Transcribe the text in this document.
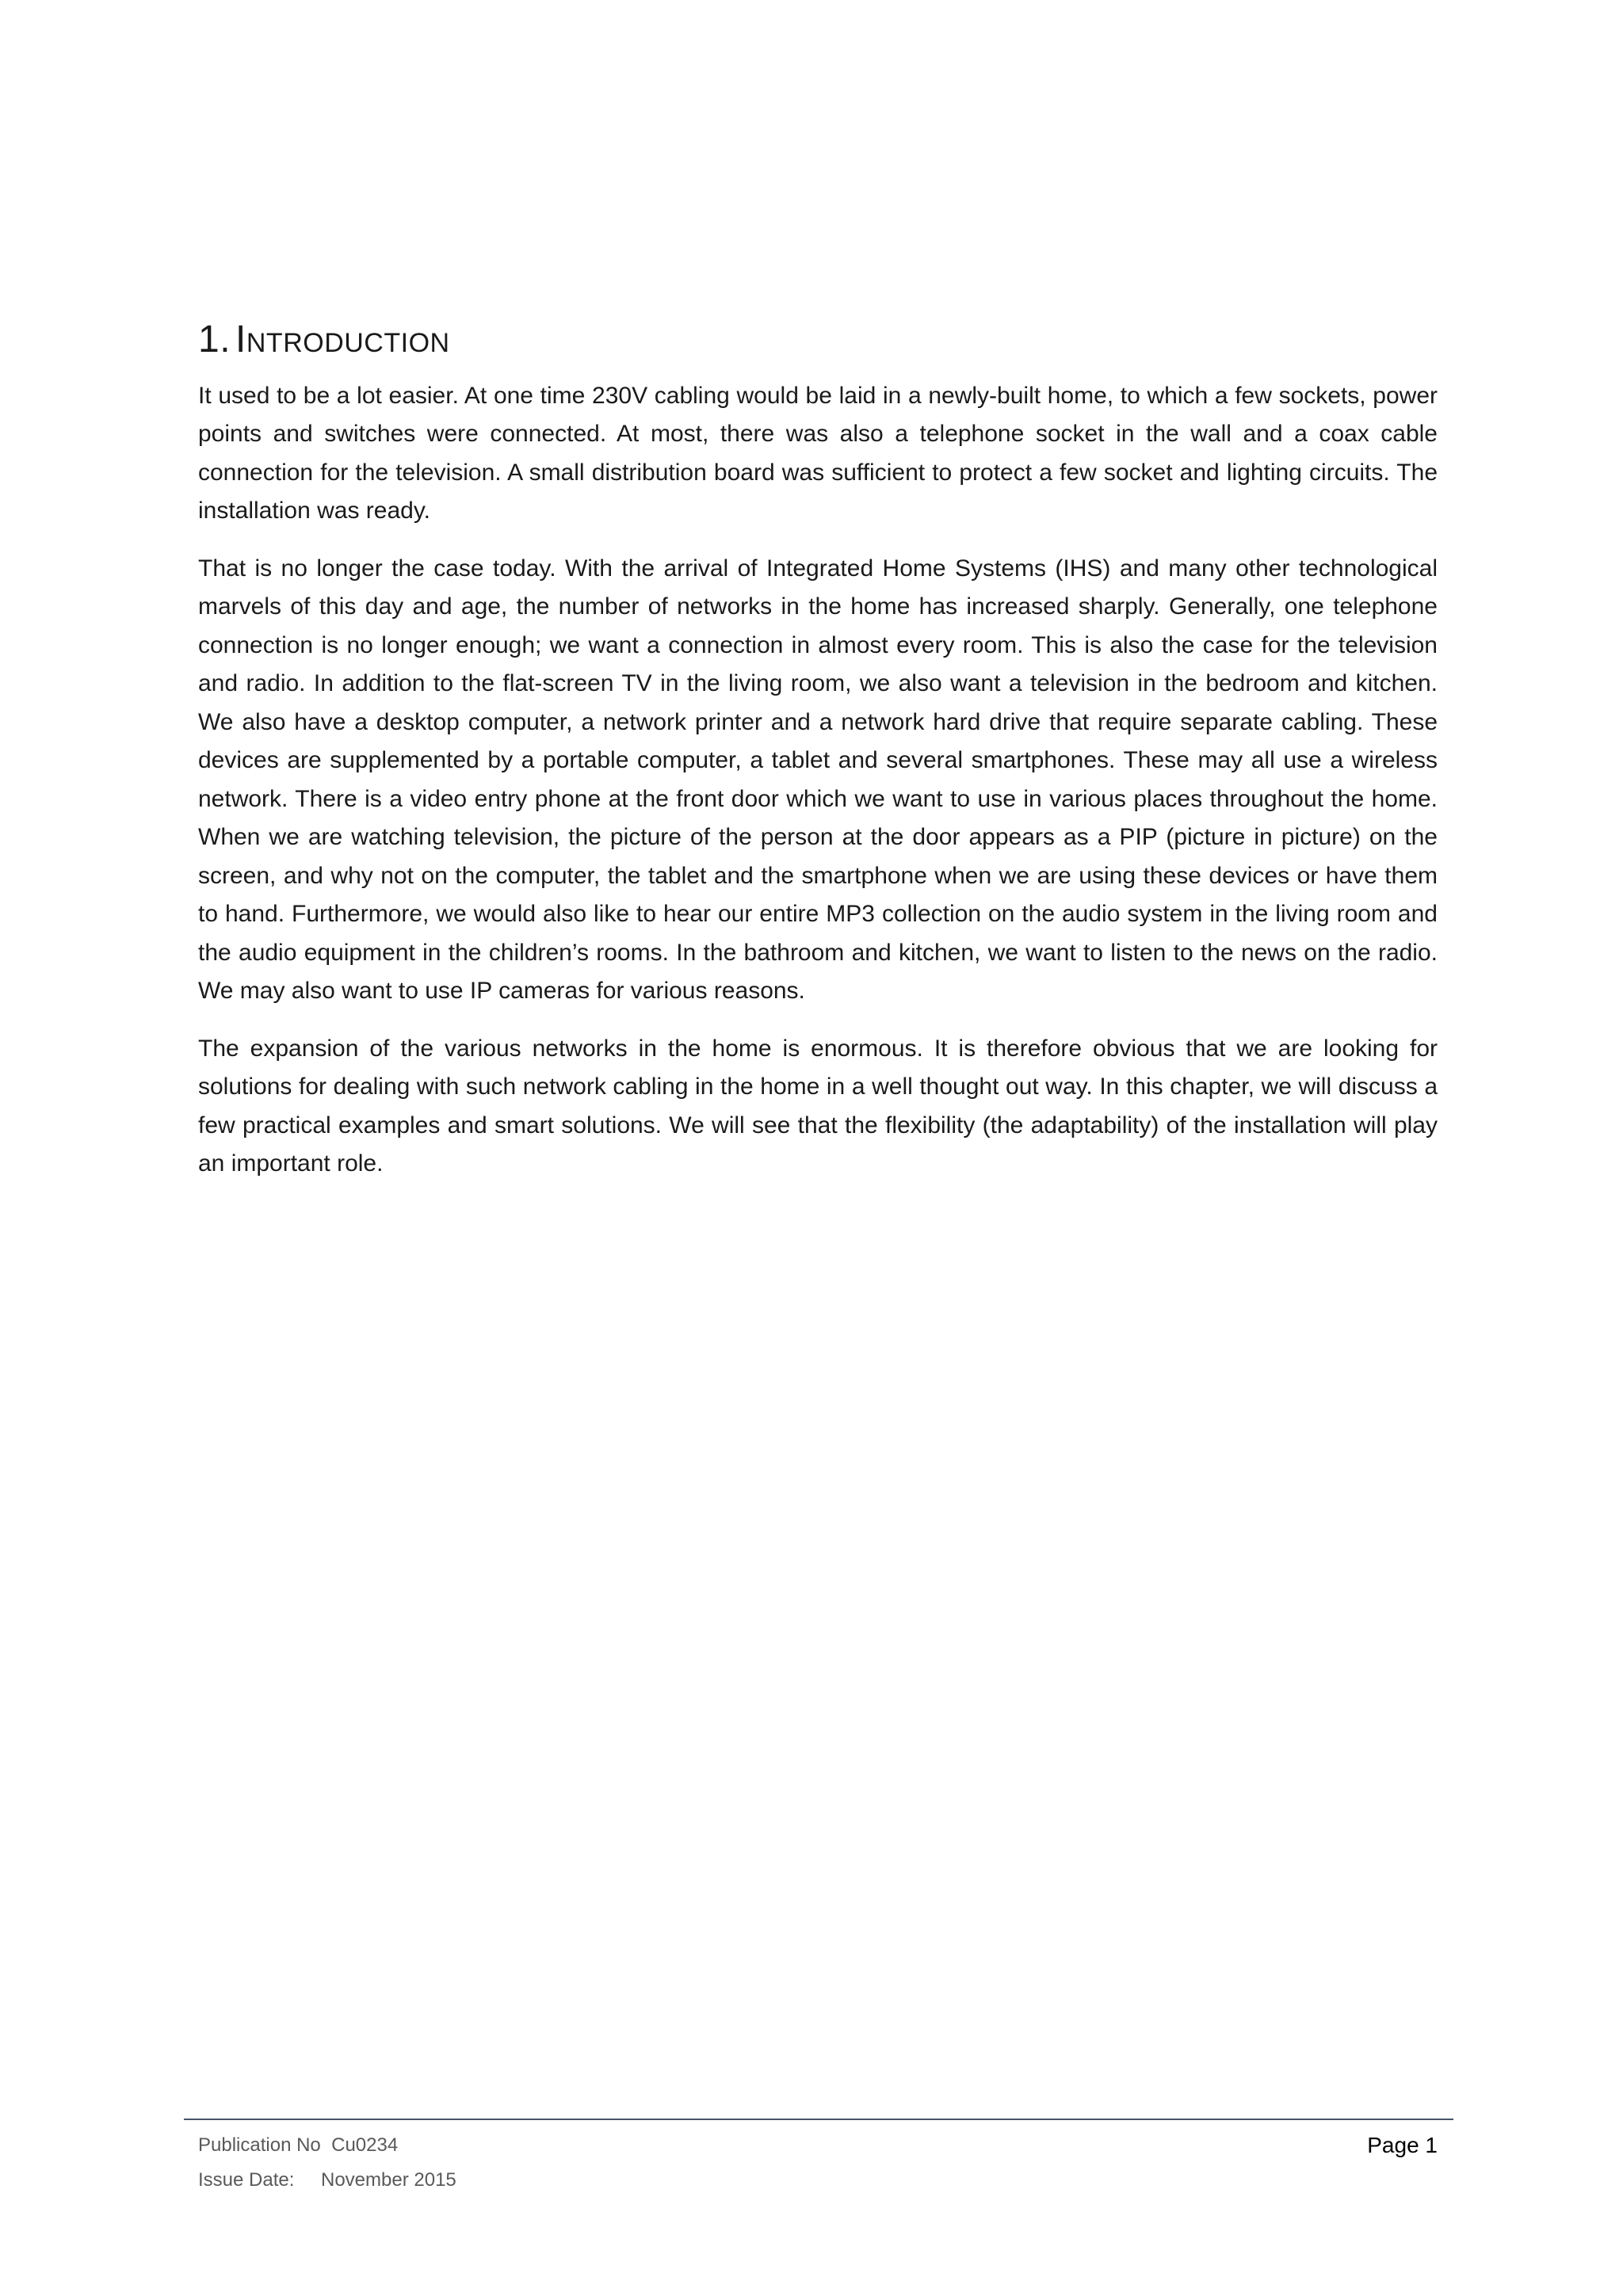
1. Introduction

It used to be a lot easier. At one time 230V cabling would be laid in a newly-built home, to which a few sockets, power points and switches were connected. At most, there was also a telephone socket in the wall and a coax cable connection for the television. A small distribution board was sufficient to protect a few socket and lighting circuits. The installation was ready.

That is no longer the case today. With the arrival of Integrated Home Systems (IHS) and many other technological marvels of this day and age, the number of networks in the home has increased sharply. Generally, one telephone connection is no longer enough; we want a connection in almost every room. This is also the case for the television and radio. In addition to the flat-screen TV in the living room, we also want a television in the bedroom and kitchen. We also have a desktop computer, a network printer and a network hard drive that require separate cabling. These devices are supplemented by a portable computer, a tablet and several smartphones. These may all use a wireless network. There is a video entry phone at the front door which we want to use in various places throughout the home. When we are watching television, the picture of the person at the door appears as a PIP (picture in picture) on the screen, and why not on the computer, the tablet and the smartphone when we are using these devices or have them to hand. Furthermore, we would also like to hear our entire MP3 collection on the audio system in the living room and the audio equipment in the children’s rooms. In the bathroom and kitchen, we want to listen to the news on the radio. We may also want to use IP cameras for various reasons.

The expansion of the various networks in the home is enormous. It is therefore obvious that we are looking for solutions for dealing with such network cabling in the home in a well thought out way. In this chapter, we will discuss a few practical examples and smart solutions. We will see that the flexibility (the adaptability) of the installation will play an important role.

Publication No
Cu0234
Issue Date:	November 2015
Page 1
